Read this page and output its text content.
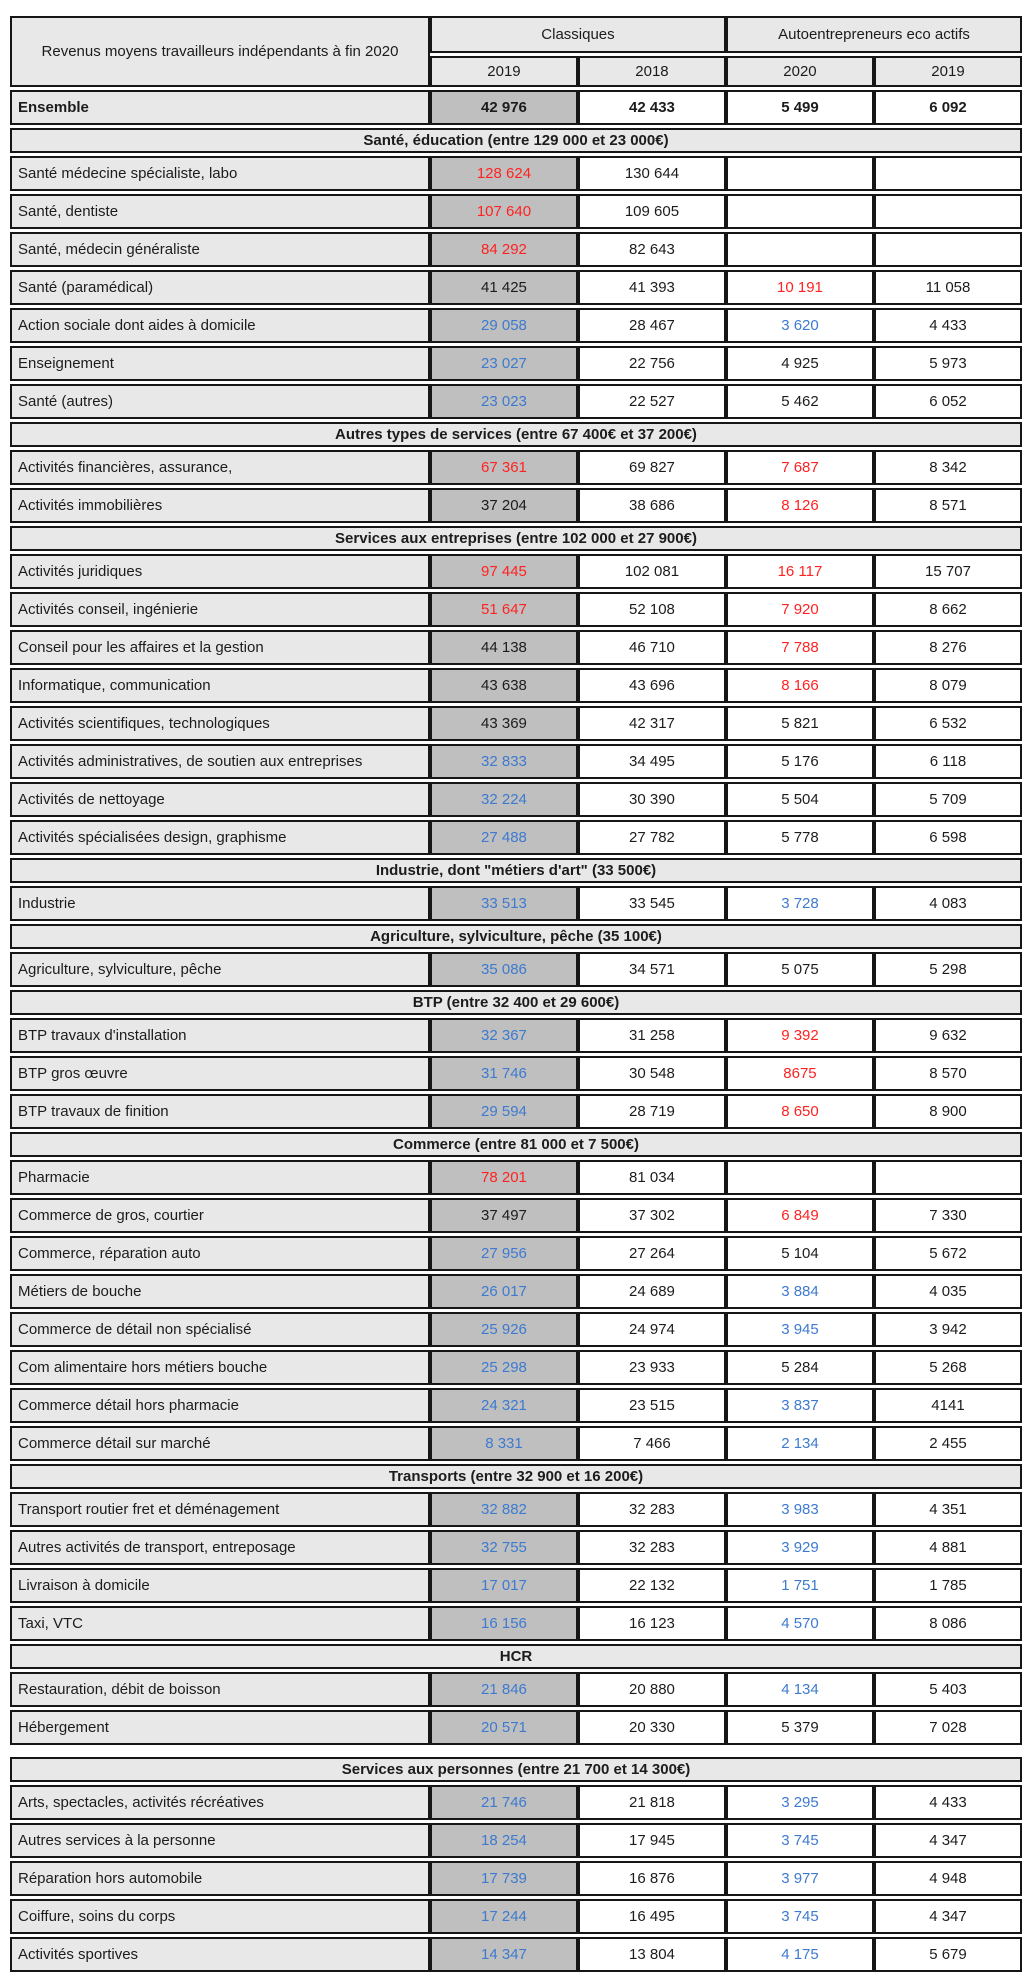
Revenus moyens travailleurs indépendants à fin 2020	Classiques		Autoentrepreneurs eco actifs	
	2019	2018	2020	2019
Ensemble	42 976	42 433	5 499	6 092
Santé, éducation (entre 129 000 et 23 000€)				
Santé médecine spécialiste, labo	128 624	130 644		
Santé, dentiste	107 640	109 605		
Santé, médecin généraliste	84 292	82 643		
Santé (paramédical)	41 425	41 393	10 191	11 058
Action sociale dont aides à domicile	29 058	28 467	3 620	4 433
Enseignement	23 027	22 756	4 925	5 973
Santé (autres)	23 023	22 527	5 462	6 052
Autres types de services (entre 67 400€ et 37 200€)				
Activités financières, assurance,	67 361	69 827	7 687	8 342
Activités immobilières	37 204	38 686	8 126	8 571
Services aux entreprises (entre 102 000 et 27 900€)				
Activités juridiques	97 445	102 081	16 117	15 707
Activités conseil, ingénierie	51 647	52 108	7 920	8 662
Conseil pour les affaires et la gestion	44 138	46 710	7 788	8 276
Informatique, communication	43 638	43 696	8 166	8 079
Activités scientifiques, technologiques	43 369	42 317	5 821	6 532
Activités administratives, de soutien aux entreprises	32 833	34 495	5 176	6 118
Activités de nettoyage	32 224	30 390	5 504	5 709
Activités spécialisées design, graphisme	27 488	27 782	5 778	6 598
Industrie, dont "métiers d'art" (33 500€)				
Industrie	33 513	33 545	3 728	4 083
Agriculture, sylviculture, pêche (35 100€)				
Agriculture, sylviculture, pêche	35 086	34 571	5 075	5 298
BTP (entre 32 400 et 29 600€)				
BTP travaux d'installation	32 367	31 258	9 392	9 632
BTP gros œuvre	31 746	30 548	8675	8 570
BTP travaux de finition	29 594	28 719	8 650	8 900
Commerce (entre 81 000 et 7 500€)				
Pharmacie	78 201	81 034		
Commerce de gros, courtier	37 497	37 302	6 849	7 330
Commerce, réparation auto	27 956	27 264	5 104	5 672
Métiers de bouche	26 017	24 689	3 884	4 035
Commerce de détail non spécialisé	25 926	24 974	3 945	3 942
Com alimentaire hors métiers bouche	25 298	23 933	5 284	5 268
Commerce détail hors pharmacie	24 321	23 515	3 837	4141
Commerce détail sur marché	8 331	7 466	2 134	2 455
Transports (entre 32 900 et 16 200€)				
Transport routier fret et déménagement	32 882	32 283	3 983	4 351
Autres activités de transport, entreposage	32 755	32 283	3 929	4 881
Livraison à domicile	17 017	22 132	1 751	1 785
Taxi, VTC	16 156	16 123	4 570	8 086
HCR				
Restauration, débit de boisson	21 846	20 880	4 134	5 403
Hébergement	20 571	20 330	5 379	7 028

Services aux personnes (entre 21 700 et 14 300€)				
Arts, spectacles, activités récréatives	21 746	21 818	3 295	4 433
Autres services à la personne	18 254	17 945	3 745	4 347
Réparation hors automobile	17 739	16 876	3 977	4 948
Coiffure, soins du corps	17 244	16 495	3 745	4 347
Activités sportives	14 347	13 804	4 175	5 679
